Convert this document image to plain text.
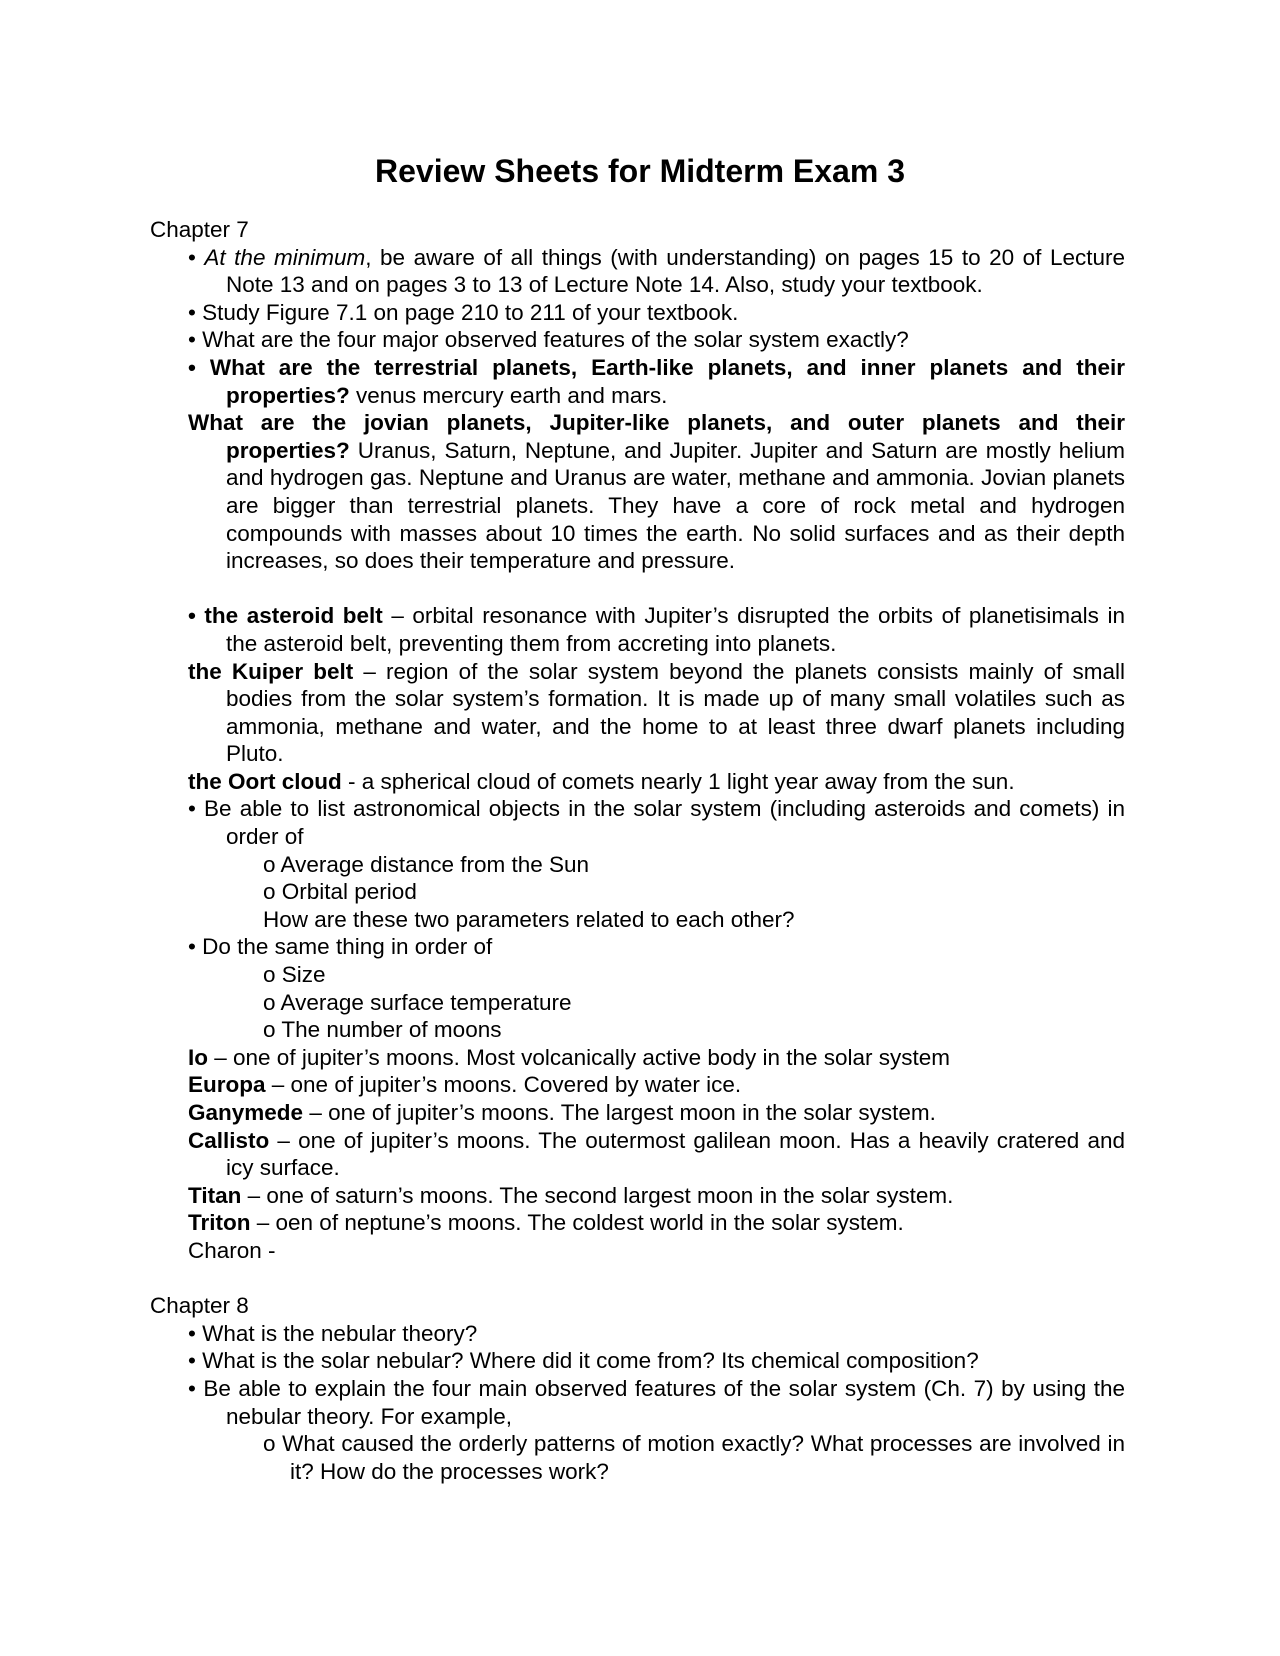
Review Sheets for Midterm Exam 3

Chapter 7

• At the minimum, be aware of all things (with understanding) on pages 15 to 20 of Lecture Note 13 and on pages 3 to 13 of Lecture Note 14. Also, study your textbook.

• Study Figure 7.1 on page 210 to 211 of your textbook.

• What are the four major observed features of the solar system exactly?

• What are the terrestrial planets, Earth-like planets, and inner planets and their properties? venus mercury earth and mars.

What are the jovian planets, Jupiter-like planets, and outer planets and their properties? Uranus, Saturn, Neptune, and Jupiter. Jupiter and Saturn are mostly helium and hydrogen gas. Neptune and Uranus are water, methane and ammonia. Jovian planets are bigger than terrestrial planets. They have a core of rock metal and hydrogen compounds with masses about 10 times the earth. No solid surfaces and as their depth increases, so does their temperature and pressure.

• the asteroid belt – orbital resonance with Jupiter’s disrupted the orbits of planetisimals in the asteroid belt, preventing them from accreting into planets.

the Kuiper belt – region of the solar system beyond the planets consists mainly of small bodies from the solar system’s formation. It is made up of many small volatiles such as ammonia, methane and water, and the home to at least three dwarf planets including Pluto.

the Oort cloud - a spherical cloud of comets nearly 1 light year away from the sun.

• Be able to list astronomical objects in the solar system (including asteroids and comets) in order of

o Average distance from the Sun

o Orbital period

How are these two parameters related to each other?

• Do the same thing in order of

o Size

o Average surface temperature

o The number of moons

Io – one of jupiter’s moons. Most volcanically active body in the solar system

Europa – one of jupiter’s moons. Covered by water ice.

Ganymede – one of jupiter’s moons. The largest moon in the solar system.

Callisto – one of jupiter’s moons. The outermost galilean moon. Has a heavily cratered and icy surface.

Titan – one of saturn’s moons. The second largest moon in the solar system.

Triton – oen of neptune’s moons. The coldest world in the solar system.

Charon -

Chapter 8

• What is the nebular theory?

• What is the solar nebular? Where did it come from? Its chemical composition?

• Be able to explain the four main observed features of the solar system (Ch. 7) by using the nebular theory. For example,

o What caused the orderly patterns of motion exactly? What processes are involved in it? How do the processes work?
